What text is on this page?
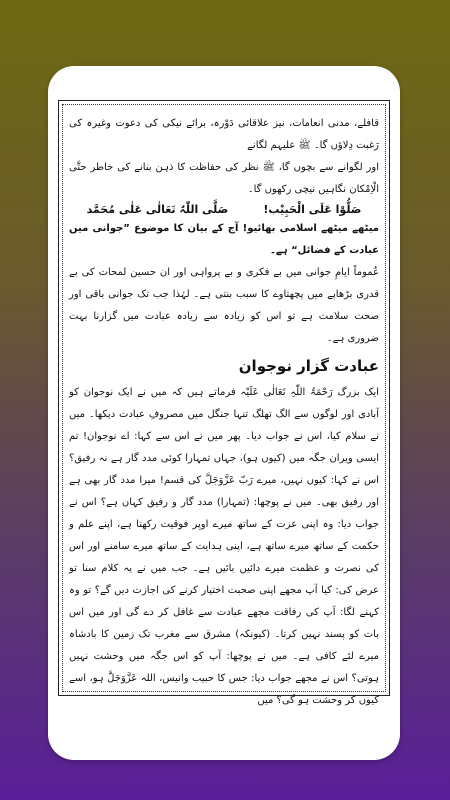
قافلے، مدنی انعامات، نیز علاقائی دَوْرہ، برائے نیکی کی دعوت وغیرہ کی رَغبت دِلاؤں گا۔ ﷺ علیہم لگانے

اور لگوانے سے بچوں گا، ﷺ نظر کی حفاظت کا ذہن بنانے کی خاطر حتَّی الْاِمْکان نگاہیں نیچی رکھوں گا۔

صَلُّوْا عَلَی الْحَبِیْب!
صَلَّی اللّٰہُ تَعَالٰی عَلٰی مُحَمَّد

میٹھے میٹھے اسلامی بھائیو! آج کے بیان کا موضوع ”جوانی میں عبادت کے فضائل“ ہے۔

عُموماً ایامِ جوانی میں بے فکری و بے پرواہی اور ان حسین لمحات کی بے قدری بڑھاپے میں پچھتاوے کا سبب بنتی ہے۔ لہٰذا جب تک جوانی باقی اور صحت سلامت ہے تو اس کو زیادہ سے زیادہ عبادت میں گزارنا بہت ضروری ہے۔

عبادت گزار نوجوان

ایک بزرگ رَحْمَۃُ اللّٰہِ تَعَالٰی عَلَیْہ فرماتے ہیں کہ میں نے ایک نوجوان کو آبادی اور لوگوں سے الگ تھلگ تنہا جنگل میں مصروفِ عبادت دیکھا۔ میں نے سلام کیا، اس نے جواب دیا۔ پھر میں نے اس سے کہا: اے نوجوان! تم ایسی ویران جگہ میں (کیوں ہو)، جہاں تمہارا کوئی مدد گار ہے نہ رفیق؟ اس نے کہا: کیوں نہیں، میرے رَبّ عَزَّوَجَلَّ کی قسم! میرا مدد گار بھی ہے اور رفیق بھی۔ میں نے پوچھا: (تمہارا) مدد گار و رفیق کہاں ہے؟ اس نے جواب دیا: وہ اپنی عزت کے ساتھ میرے اوپر فوقیت رکھتا ہے، اپنے علم و حکمت کے ساتھ میرے ساتھ ہے، اپنی ہدایت کے ساتھ میرے سامنے اور اس کی نصرت و عظمت میرے دائیں بائیں ہے۔ جب میں نے یہ کلام سنا تو عرض کی: کیا آپ مجھے اپنی صحبت اختیار کرنے کی اجازت دیں گے؟ تو وہ کہنے لگا: آپ کی رفاقت مجھے عبادت سے غافل کر دے گی اور میں اس بات کو پسند نہیں کرتا۔ (کیونکہ) مشرق سے مغرب تک زمین کا بادشاہ میرے لئے کافی ہے۔ میں نے پوچھا: آپ کو اس جگہ میں وحشت نہیں ہوتی؟ اس نے مجھے جواب دیا: جس کا حبیب وانیس، اللہ عَزَّوَجَلَّ ہو، اسے کیوں کر وحشت ہو گی؟ میں
